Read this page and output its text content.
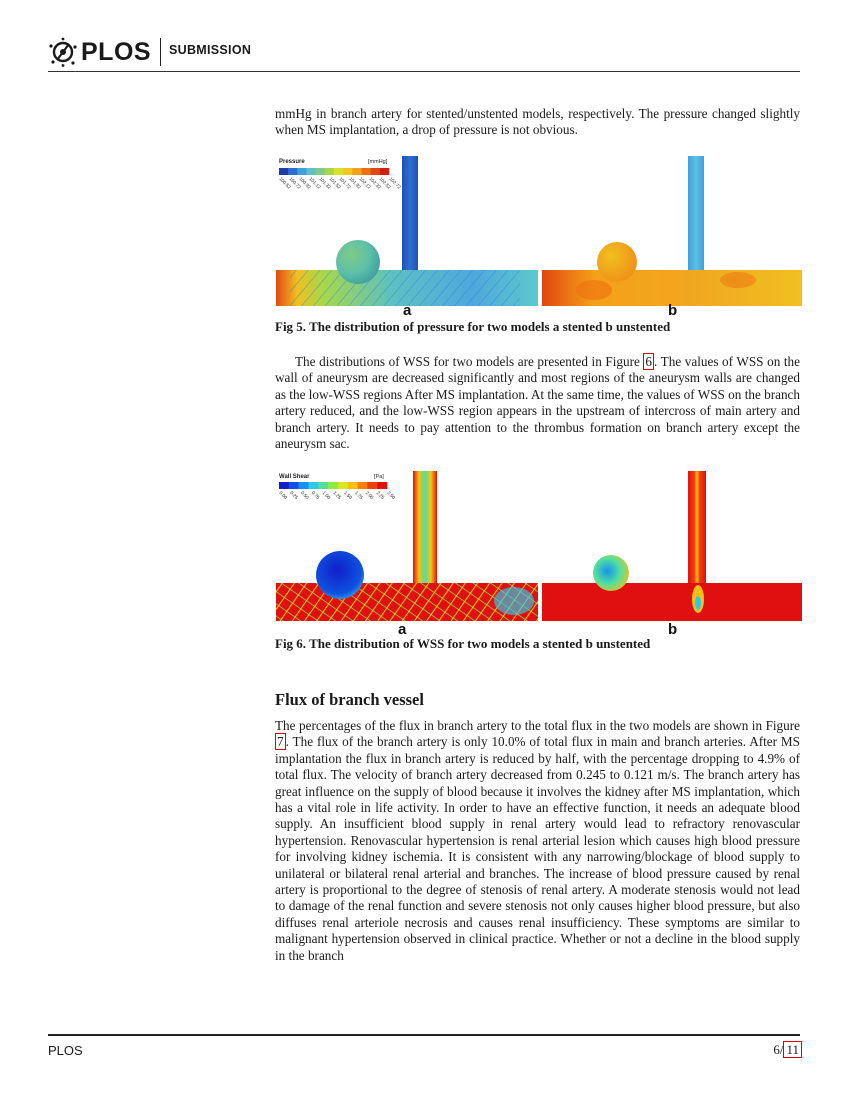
PLOS SUBMISSION

mmHg in branch artery for stented/unstented models, respectively. The pressure changed slightly when MS implantation, a drop of pressure is not obvious.

Pressure	[mmHg]
100.52
100.72
100.92
101.12
101.32
101.52
101.72
101.92
102.12
102.32
102.52
102.72
a	b

Fig 5. The distribution of pressure for two models a stented b unstented

The distributions of WSS for two models are presented in Figure 6 . The values of WSS on the wall of aneurysm are decreased significantly and most regions of the aneurysm walls are changed as the low-WSS regions After MS implantation. At the same time, the values of WSS on the branch artery reduced, and the low-WSS region appears in the upstream of intercross of main artery and branch artery. It needs to pay attention to the thrombus formation on branch artery except the aneurysm sac.

Wall Shear	[Pa]
0.00 0.25 0.50 0.75 1.00 1.25 1.50 1.75 2.00 2.25 2.50
a	b

Fig 6. The distribution of WSS for two models a stented b unstented

Flux of branch vessel

The percentages of the flux in branch artery to the total flux in the two models are shown in Figure 7 . The flux of the branch artery is only 10.0% of total flux in main and branch arteries. After MS implantation the flux in branch artery is reduced by half, with the percentage dropping to 4.9% of total flux. The velocity of branch artery decreased from 0.245 to 0.121 m/s. The branch artery has great influence on the supply of blood because it involves the kidney after MS implantation, which has a vital role in life activity. In order to have an effective function, it needs an adequate blood supply. An insufficient blood supply in renal artery would lead to refractory renovascular hypertension. Renovascular hypertension is renal arterial lesion which causes high blood pressure for involving kidney ischemia. It is consistent with any narrowing/blockage of blood supply to unilateral or bilateral renal arterial and branches. The increase of blood pressure caused by renal artery is proportional to the degree of stenosis of renal artery. A moderate stenosis would not lead to damage of the renal function and severe stenosis not only causes higher blood pressure, but also diffuses renal arteriole necrosis and causes renal insufficiency. These symptoms are similar to malignant hypertension observed in clinical practice. Whether or not a decline in the blood supply in the branch

PLOS	6/ 11
